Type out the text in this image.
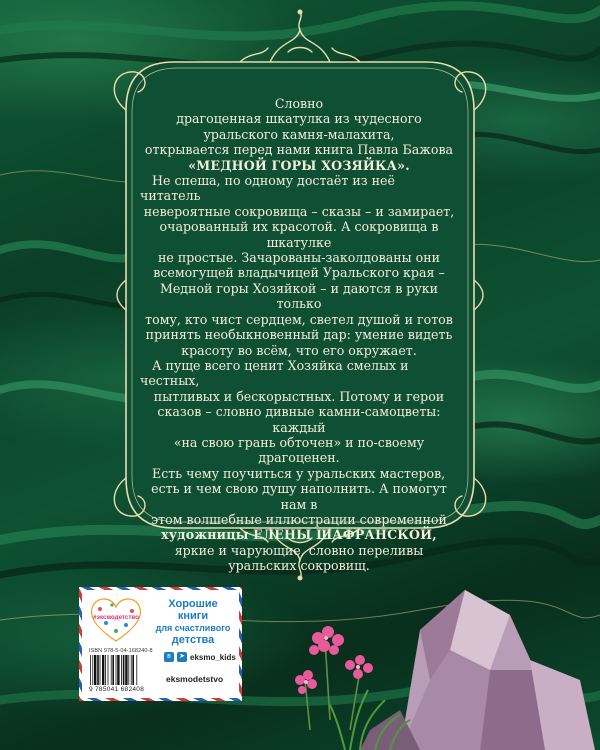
Словно

драгоценная шкатулка из чудесного

уральского камня-малахита,

открывается перед нами книга Павла Бажова

«МЕДНОЙ ГОРЫ ХОЗЯЙКА».

Не спеша, по одному достаёт из неё читатель

невероятные сокровища – сказы – и замирает,

очарованный их красотой. А сокровища в шкатулке

не простые. Зачарованы-заколдованы они

всемогущей владычицей Уральского края –

Медной горы Хозяйкой – и даются в руки только

тому, кто чист сердцем, светел душой и готов

принять необыкновенный дар: умение видеть

красоту во всём, что его окружает.

А пуще всего ценит Хозяйка смелых и честных,

пытливых и бескорыстных. Потому и герои

сказов – словно дивные камни-самоцветы: каждый

«на свою грань обточен» и по-своему драгоценен.

Есть чему поучиться у уральских мастеров,

есть и чем свою душу наполнить. А помогут нам в

этом волшебные иллюстрации современной

художницы ЕЛЕНЫ ШАФРАНСКОЙ,

яркие и чарующие, словно переливы

уральских сокровищ.

#эксмодетство
Хорошие
книги
для счастливого
детства
ISBN 978-5-04-168240-8
9 785041 682408
в	➤ eksmo_kids
eksmodetstvo
